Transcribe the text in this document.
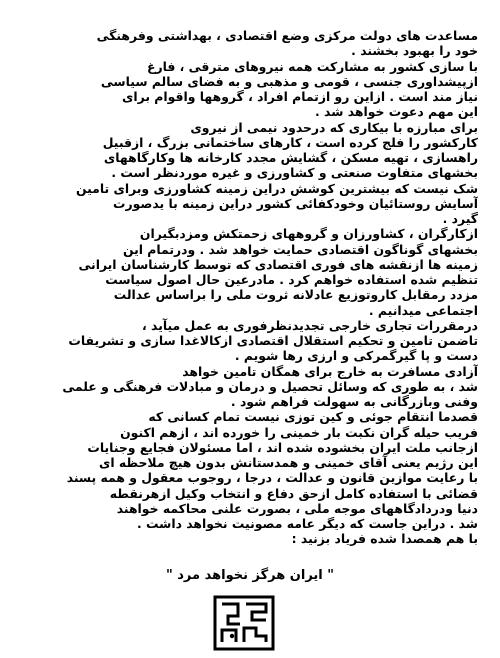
مساعدت های دولت مرکزی وضع اقتصادی ، بهداشتی وفرهنگی
خود را بهبود بخشند .
با سازی کشور به مشارکت همه نیروهای مترقی ، فارغ
ازپیشداوری جنسی ، قومی و مذهبی و به فضای سالم سیاسی
نیاز مند است . ازاین رو ازتمام افراد ، گروهها واقوام برای
این مهم دعوت خواهد شد .
برای مبارزه با بیکاری که درحدود نیمی از نیروی
کارکشور را فلج کرده است ، کارهای ساختمانی بزرگ ، ازقبیل
راهسازی ، تهیه مسکن ، گشایش مجدد کارخانه ها وکارگاههای
بخشهای متفاوت صنعتی و کشاورزی و غیره موردنظر است .
شک نیست که بیشترین کوشش دراین زمینه کشاورزی وبرای تامین
آسایش روستائیان وخودکفائی کشور دراین زمینه با یدصورت
گیرد .
ازکارگران ، کشاورزان و گروههای زحمتکش ومزدبگیران
بخشهای گوناگون اقتصادی حمایت خواهد شد . ودرتمام این
زمینه ها ازنقشه های فوری اقتصادی که توسط کارشناسان ایرانی
تنظیم شده استفاده خواهم کرد . مادرعین حال اصول سیاست
مزدد رمقابل کاروتوزیع عادلانه ثروت ملی را براساس عدالت
اجتماعی میدانیم .
درمقررات تجاری خارجی تجدیدنظرفوری به عمل میآید ،
تاضمن تامین و تحکیم استقلال اقتصادی ازکالاغدا سازی و تشریفات
دست و پا گیرگمرکی و ارزی رها شویم .
آزادی مسافرت به خارج برای همگان تامین خواهد
شد ، به طوری که وسائل تحصیل و درمان و مبادلات فرهنگی و علمی
وفنی وبازرگانی به سهولت فراهم شود .
قصدما انتقام جوئی و کین توزی نیست تمام کسانی که
فریب حیله گران نکبت بار خمینی را خورده اند ، ازهم اکنون
ازجانب ملت ایران بخشوده شده اند ، اما مسئولان فجایع وجنایات
این رژیم یعنی آقای خمینی و همدستانش بدون هیچ ملاحظه ای
با رعایت موازین قانون و عدالت ، درجا ، روجوب معقول و همه پسند
قضائی با استفاده کامل ازحق دفاع و انتخاب وکیل ازهرنقطه
دنیا ودردادگاههای موجه ملی ، بصورت علنی محاکمه خواهند
شد . دراین جاست که دیگر عامه مصونیت نخواهد داشت .
با هم همصدا شده فریاد بزنید :
" ایران هرگز نخواهد مرد "
